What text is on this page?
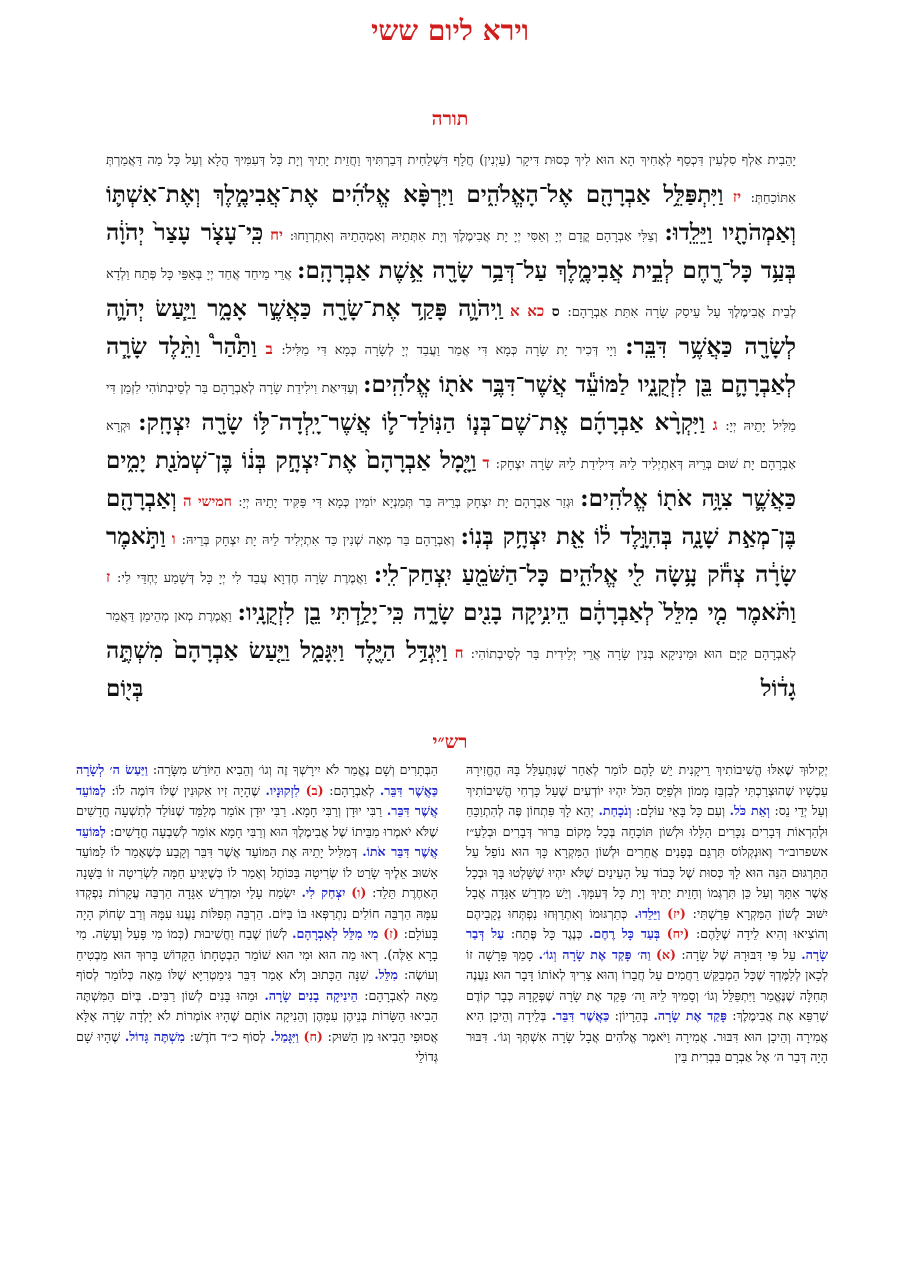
וירא ליום ששי
תורה

יָהֵבִית אַלְף סִלְעִין דִּכְסַף לְאָחִיךְ הָא הוּא לִיךְ כְּסוּת דִּיקָר (עֵיְנִין) חֲלָף דִּשְׁלַחִית דְּבַרְתִּיךְ וַחֲזֵית יָתִיךְ וְיָת כָּל דְּעִמִּיךְ הֲלָא וְעַל כָּל מַה דַּאֲמַרְתְּ אִתּוֹכַחַתְּ: יז וַיִּתְפַּלֵּ֥ל אַבְרָהָ֖ם אֶל־הָאֱלֹהִ֑ים וַיִּרְפָּ֨א אֱלֹהִ֜ים אֶת־אֲבִימֶ֧לֶךְ וְאֶת־אִשְׁתּ֛וֹ וְאַמְהֹתָ֖יו וַיֵּלֵֽדוּ: וְצַלִּי אַבְרָהָם קֳדָם יְיָ וְאַסִּי יְיָ יָת אֲבִימֶלֶךְ וְיָת אִתְּתֵיהּ וְאַמְהָתֵיהּ וְאִתְרְוָחוּ: יח כִּֽי־עָצֹ֤ר עָצַר֙ יְהֹוָ֔ה בְּעַ֥ד כָּל־רֶ֖חֶם לְבֵ֣ית אֲבִימֶ֑לֶךְ עַל־דְּבַ֥ר שָׂרָ֖ה אֵ֥שֶׁת אַבְרָהָֽם: אֲרֵי מֵיחַד אֲחַד יְיָ בְּאַפֵּי כָּל פְּתַח וַלְדָא לְבֵית אֲבִימֶלֶךְ עַל עֵיסַק שָׂרָה אִתַּת אַבְרָהָם: ס כא א וַֽיהֹוָ֛ה פָּקַ֥ד אֶת־שָׂרָ֖ה כַּאֲשֶׁ֣ר אָמָ֑ר וַיַּ֧עַשׂ יְהֹוָ֛ה לְשָׂרָ֖ה כַּאֲשֶׁ֥ר דִּבֵּֽר: וַיָי דְּכִיר יָת שָׂרָה כְּמָא דִּי אֲמַר וַעֲבַד יְיָ לְשָׂרָה כְּמָא דִּי מַלִּיל: ב וַתַּ֩הַר֩ וַתֵּ֨לֶד שָׂרָ֧ה לְאַבְרָהָ֛ם בֵּ֖ן לִזְקֻנָ֑יו לַמּוֹעֵ֕ד אֲשֶׁר־דִּבֶּ֥ר אֹת֖וֹ אֱלֹהִֽים: וְעַדִּיאַת וִילִידַת שָׂרָה לְאַבְרָהָם בַּר לְסֵיבְתוֹהִי לִזְמַן דִּי מַלִּיל יָתֵיהּ יְיָ: ג וַיִּקְרָ֨א אַבְרָהָ֜ם אֶֽת־שֶׁם־בְּנ֧וֹ הַנּֽוֹלַד־ל֛וֹ אֲשֶׁר־יָֽלְדָה־לּ֥וֹ שָׂרָ֖ה יִצְחָֽק: וּקְרָא אַבְרָהָם יָת שׁוּם בְּרֵיהּ דְּאִתְיְלִיד לֵיהּ דִּילִידַת לֵיהּ שָׂרָה יִצְחָק: ד וַיָּ֤מָל אַבְרָהָם֙ אֶת־יִצְחָ֣ק בְּנ֔וֹ בֶּן־שְׁמֹנַ֖ת יָמִ֑ים כַּאֲשֶׁ֛ר צִוָּ֥ה אֹת֖וֹ אֱלֹהִֽים: וּגְזַר אַבְרָהָם יָת יִצְחָק בְּרֵיהּ בַּר תְּמַנְיָא יוֹמִין כְּמָא דִּי פַּקִּיד יָתֵיהּ יְיָ: חמישי ה וְאַבְרָהָ֖ם בֶּן־מְאַ֣ת שָׁנָ֑ה בְּהִוָּ֣לֶד ל֔וֹ אֵ֖ת יִצְחָ֥ק בְּנֽוֹ: וְאַבְרָהָם בַּר מְאָה שְׁנִין כַּד אִתְיְלִיד לֵיהּ יָת יִצְחָק בְּרֵיהּ: ו וַתֹּ֣אמֶר שָׂרָ֔ה צְחֹ֕ק עָ֥שָׂה לִ֖י אֱלֹהִ֑ים כָּל־הַשֹּׁמֵ֖עַ יִֽצְחַק־לִֽי: וַאֲמֶרֶת שָׂרָה חֶדְוָא עֲבַד לִי יְיָ כָּל דְּשָׁמַע יֶחְדֵּי לִי: ז וַתֹּ֗אמֶר מִ֤י מִלֵּל֙ לְאַבְרָהָ֔ם הֵינִ֥יקָה בָנִ֖ים שָׂרָ֑ה כִּֽי־יָלַ֥דְתִּי בֵ֖ן לִזְקֻנָֽיו: וַאֲמֶרֶת מְאן מְהֵימַן דַּאֲמַר לְאַבְרָהָם קַיָּם הוּא וּמֵינִיקָא בְּנִין שָׂרָה אֲרֵי יְלֵידִית בַּר לְסֵיבְתוֹהִי: ח וַיִּגְדַּ֥ל הַיֶּ֖לֶד וַיִּגָּמַ֑ל וַיַּ֤עַשׂ אַבְרָהָם֙ מִשְׁתֶּ֣ה גָד֔וֹל בְּי֖וֹם

רש״י

יְקִילוּךְ שֶׁאִלּוּ הֱשִׁיבוֹתִיךְ רֵיקָנִית יֵשׁ לָהֶם לוֹמַר לְאַחַר שֶׁנִּתְעַלֵּל בָּהּ הֶחֱזִירָהּ עַכְשָׁיו שֶׁהוּצְרַכְתִּי לְבַזְבֵּז מָמוֹן וּלְפַיֵּס הַכֹּל יִהְיוּ יוֹדְעִים שֶׁעַל כָּרְחִי הֱשִׁיבוֹתִיךְ וְעַל יְדֵי נֵס: וְאֵת כֹּל. וְעִם כָּל בָּאֵי עוֹלָם: וְנֹכָחַת. יְהֵא לָךְ פִּתְחוֹן פֶּה לְהִתְוַכֵּחַ וּלְהַרְאוֹת דְּבָרִים נִכָּרִים הַלָּלוּ וּלְשׁוֹן תּוֹכָחָה בְּכָל מָקוֹם בֵּרוּר דְּבָרִים וּבְלַעַ״ז אשפרוב״ר וְאוּנְקְלוֹס תִּרְגֵּם בְּפָנִים אֲחֵרִים וּלְשׁוֹן הַמִּקְרָא כָּךְ הוּא נוֹפֵל עַל הַתַּרְגּוּם הִנֵּה הוּא לָךְ כְּסוּת שֶׁל כָּבוֹד עַל הָעֵינַיִם שֶׁלֹּא יִהְיוּ שֶׁשָּׁלְטוּ בָּךְ וּבְכָל אֲשֶׁר אִתָּךְ וְעַל כֵּן תִּרְגְּמוֹ וְחָזֵית יָתִיךְ וְיָת כָּל דְּעִמָּךְ. וְיֵשׁ מִדְרַשׁ אַגָּדָה אֲבָל יִשּׁוּב לְשׁוֹן הַמִּקְרָא פֵּרַשְׁתִּי: (יז) וַיֵּלֵדוּ. כְּתַרְגּוּמוֹ וְאִתְרַוְּחוּ נִפְתְּחוּ נְקָבֵיהֶם וְהוֹצִיאוּ וְהִיא לֵידָה שֶׁלָּהֶם: (יח) בְּעַד כָּל רֶחֶם. כְּנֶגֶד כָּל פֶּתַח: עַל דְּבַר שָׂרָה. עַל פִּי דִּבּוּרָהּ שֶׁל שָׂרָה: (א) וַה׳ פָּקַד אֶת שָׂרָה וְגוֹ׳. סָמַךְ פָּרָשָׁה זוֹ לְכָאן לְלַמֶּדְךָ שֶׁכָּל הַמְבַקֵּשׁ רַחֲמִים עַל חֲבֵרוֹ וְהוּא צָרִיךְ לְאוֹתוֹ דָּבָר הוּא נַעֲנֶה תְּחִלָּה שֶׁנֶּאֱמַר וַיִּתְפַּלֵּל וְגוֹ׳ וְסָמִיךְ לֵיהּ וַה׳ פָּקַד אֶת שָׂרָה שֶׁפְּקָדָהּ כְּבָר קוֹדֶם שֶׁרִפֵּא אֶת אֲבִימֶלֶךְ: פָּקַד אֶת שָׂרָה. בְּהֵרָיוֹן: כַּאֲשֶׁר דִּבֵּר. בְּלֵידָה וְהֵיכָן הִיא אֲמִירָה וְהֵיכָן הוּא דִּבּוּר. אֲמִירָה וַיֹּאמֶר אֱלֹהִים אֲבָל שָׂרָה אִשְׁתְּךָ וְגוֹ׳. דִּבּוּר הָיָה דְּבַר ה׳ אֶל אַבְרָם בִּבְרִית בֵּין

הַבְּתָרִים וְשָׁם נֶאֱמַר לֹא יִירָשְׁךָ זֶה וְגוֹ׳ וְהֵבִיא הַיּוֹרֵשׁ מִשָּׂרָה: וַיַּעַשׂ ה׳ לְשָׂרָה כַּאֲשֶׁר דִּבֵּר. לְאַבְרָהָם: (ב) לִזְקוּנָיו. שֶׁהָיָה זִיו אִקוּנִין שֶׁלּוֹ דּוֹמֶה לוֹ: לַמּוֹעֵד אֲשֶׁר דִּבֵּר. רַבִּי יוּדָן וְרַבִּי חָמָא. רַבִּי יוּדָן אוֹמֵר מְלַמֵּד שֶׁנּוֹלַד לְתִשְׁעָה חֳדָשִׁים שֶׁלֹּא יֹאמְרוּ מִבֵּיתוֹ שֶׁל אֲבִימֶלֶךְ הוּא וְרַבִּי חָמָא אוֹמֵר לְשִׁבְעָה חֳדָשִׁים: לַמּוֹעֵד אֲשֶׁר דִּבֵּר אֹתוֹ. דְּמִלִּיל יָתֵיהּ אֶת הַמּוֹעֵד אֲשֶׁר דִּבֵּר וְקָבַע כְּשֶׁאָמַר לוֹ לַמּוֹעֵד אָשׁוּב אֵלֶיךָ שָׂרַט לוֹ שְׂרִיטָה בַּכּוֹתֶל וְאָמַר לוֹ כְּשֶׁיַּגִּיעַ חַמָּה לִשְׂרִיטָה זוֹ בַּשָּׁנָה הָאַחֶרֶת תֵּלֵד: (ו) יִצְחַק לִי. יִשְׂמַח עָלַי וּמִדְרַשׁ אַגָּדָה הַרְבֵּה עֲקָרוֹת נִפְקְדוּ עִמָּהּ הַרְבֵּה חוֹלִים נִתְרַפְּאוּ בּוֹ בַּיּוֹם. הַרְבֵּה תְּפִלּוֹת נַעֲנוּ עִמָּהּ וְרַב שְׂחוֹק הָיָה בָּעוֹלָם: (ז) מִי מִלֵּל לְאַבְרָהָם. לְשׁוֹן שֶׁבַח וַחֲשִׁיבוּת (כְּמוֹ מִי פָּעַל וְעָשָׂה. מִי בָרָא אֵלֶּה). רְאוּ מַה הוּא וּמִי הוּא שׁוֹמֵר הַבְטָחָתוֹ הַקָּדוֹשׁ בָּרוּךְ הוּא מַבְטִיחַ וְעוֹשֶׂה: מִלֵּל. שִׁנָּה הַכָּתוּב וְלֹא אָמַר דִּבֵּר גִּימַטְרִיָּא שֶׁלּוֹ מֵאָה כְּלוֹמַר לְסוֹף מֵאָה לְאַבְרָהָם: הֵינִיקָה בָנִים שָׂרָה. וּמַהוּ בָּנִים לְשׁוֹן רַבִּים. בְּיוֹם הַמִּשְׁתֶּה הֵבִיאוּ הַשָּׂרוֹת בְּנֵיהֶן עִמָּהֶן וְהֵנִיקָה אוֹתָם שֶׁהָיוּ אוֹמְרוֹת לֹא יָלְדָה שָׂרָה אֶלָּא אֲסוּפִי הֵבִיאוּ מִן הַשּׁוּק: (ח) וַיִּגָּמַל. לְסוֹף כ״ד חֹדֶשׁ: מִשְׁתֶּה גָּדוֹל. שֶׁהָיוּ שָׁם גְּדוֹלֵי
